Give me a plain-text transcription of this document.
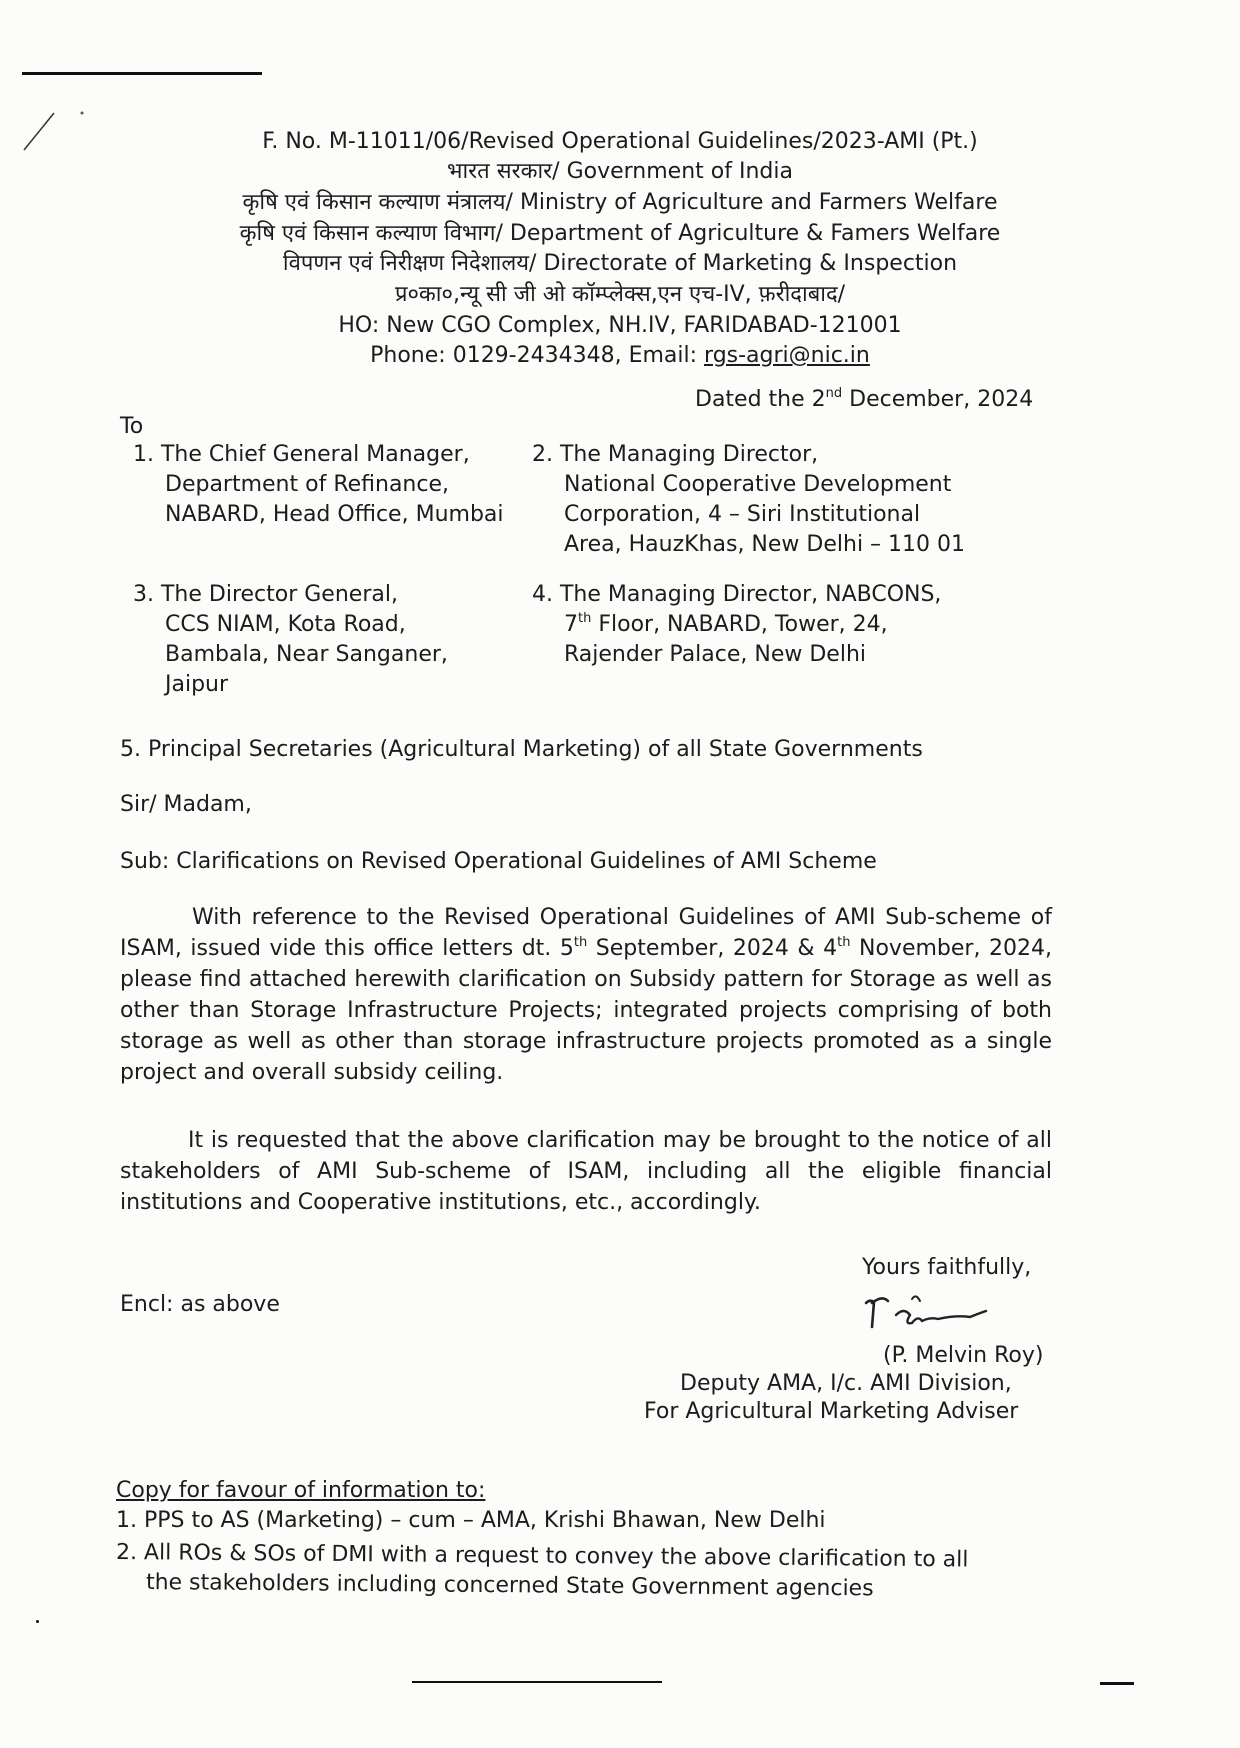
F. No. M-11011/06/Revised Operational Guidelines/2023-AMI (Pt.)
भारत सरकार/ Government of India
कृषि एवं किसान कल्याण मंत्रालय/ Ministry of Agriculture and Farmers Welfare
कृषि एवं किसान कल्याण विभाग/ Department of Agriculture & Famers Welfare
विपणन एवं निरीक्षण निदेशालय/ Directorate of Marketing & Inspection
प्र०का०,न्यू सी जी ओ कॉम्प्लेक्स,एन एच-IV, फ़रीदाबाद/
HO: New CGO Complex, NH.IV, FARIDABAD-121001
Phone: 0129-2434348, Email: rgs-agri@nic.in
Dated the 2nd December, 2024
To
1. The Chief General Manager,
Department of Refinance,
NABARD, Head Office, Mumbai
2. The Managing Director,
National Cooperative Development
Corporation, 4 – Siri Institutional
Area, HauzKhas, New Delhi – 110 01
3. The Director General,
CCS NIAM, Kota Road,
Bambala, Near Sanganer,
Jaipur
4. The Managing Director, NABCONS,
7th Floor, NABARD, Tower, 24,
Rajender Palace, New Delhi
5. Principal Secretaries (Agricultural Marketing) of all State Governments
Sir/ Madam,
Sub: Clarifications on Revised Operational Guidelines of AMI Scheme
With reference to the Revised Operational Guidelines of AMI Sub-scheme of ISAM, issued vide this office letters dt. 5th September, 2024 & 4th November, 2024, please find attached herewith clarification on Subsidy pattern for Storage as well as other than Storage Infrastructure Projects; integrated projects comprising of both storage as well as other than storage infrastructure projects promoted as a single project and overall subsidy ceiling.
It is requested that the above clarification may be brought to the notice of all stakeholders of AMI Sub-scheme of ISAM, including all the eligible financial institutions and Cooperative institutions, etc., accordingly.
Yours faithfully,
Encl: as above
(P. Melvin Roy)
Deputy AMA, I/c. AMI Division,
For Agricultural Marketing Adviser
Copy for favour of information to:
1. PPS to AS (Marketing) – cum – AMA, Krishi Bhawan, New Delhi
2. All ROs & SOs of DMI with a request to convey the above clarification to all
the stakeholders including concerned State Government agencies
